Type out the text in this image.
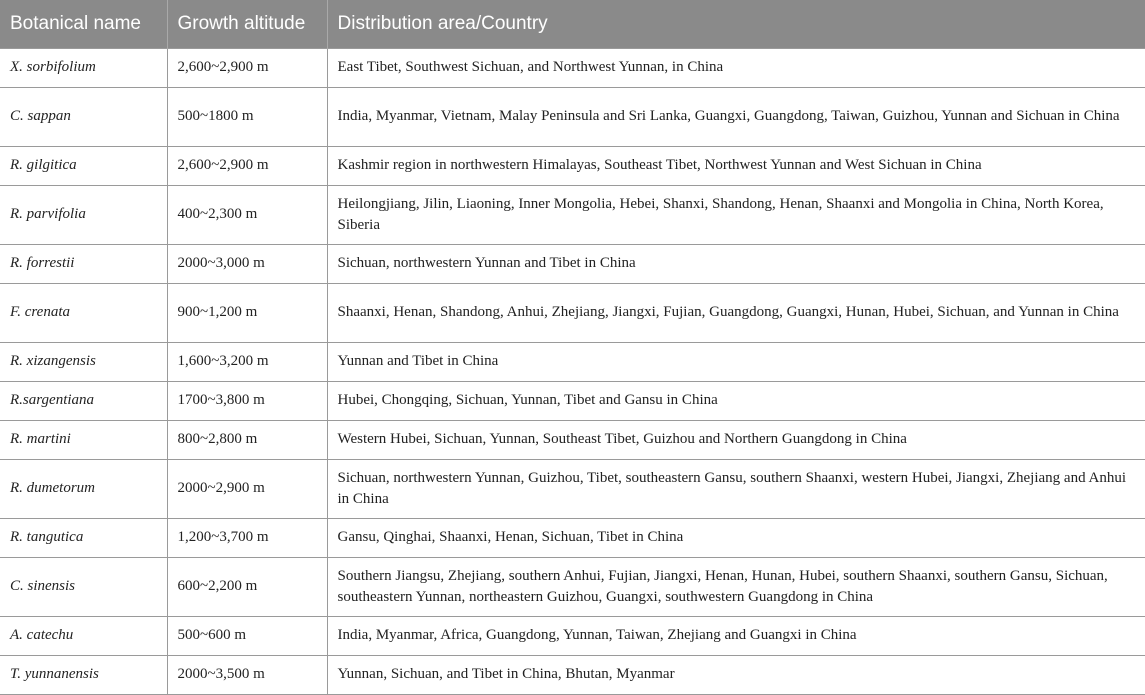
Botanical name	Growth altitude	Distribution area/Country
X. sorbifolium	2,600~2,900 m	East Tibet, Southwest Sichuan, and Northwest Yunnan, in China
C. sappan	500~1800 m	India, Myanmar, Vietnam, Malay Peninsula and Sri Lanka, Guangxi, Guangdong, Taiwan, Guizhou, Yunnan and Sichuan in China
R. gilgitica	2,600~2,900 m	Kashmir region in northwestern Himalayas, Southeast Tibet, Northwest Yunnan and West Sichuan in China
R. parvifolia	400~2,300 m	Heilongjiang, Jilin, Liaoning, Inner Mongolia, Hebei, Shanxi, Shandong, Henan, Shaanxi and Mongolia in China, North Korea, Siberia
R. forrestii	2000~3,000 m	Sichuan, northwestern Yunnan and Tibet in China
F. crenata	900~1,200 m	Shaanxi, Henan, Shandong, Anhui, Zhejiang, Jiangxi, Fujian, Guangdong, Guangxi, Hunan, Hubei, Sichuan, and Yunnan in China
R. xizangensis	1,600~3,200 m	Yunnan and Tibet in China
R.sargentiana	1700~3,800 m	Hubei, Chongqing, Sichuan, Yunnan, Tibet and Gansu in China
R. martini	800~2,800 m	Western Hubei, Sichuan, Yunnan, Southeast Tibet, Guizhou and Northern Guangdong in China
R. dumetorum	2000~2,900 m	Sichuan, northwestern Yunnan, Guizhou, Tibet, southeastern Gansu, southern Shaanxi, western Hubei, Jiangxi, Zhejiang and Anhui in China
R. tangutica	1,200~3,700 m	Gansu, Qinghai, Shaanxi, Henan, Sichuan, Tibet in China
C. sinensis	600~2,200 m	Southern Jiangsu, Zhejiang, southern Anhui, Fujian, Jiangxi, Henan, Hunan, Hubei, southern Shaanxi, southern Gansu, Sichuan, southeastern Yunnan, northeastern Guizhou, Guangxi, southwestern Guangdong in China
A. catechu	500~600 m	India, Myanmar, Africa, Guangdong, Yunnan, Taiwan, Zhejiang and Guangxi in China
T. yunnanensis	2000~3,500 m	Yunnan, Sichuan, and Tibet in China, Bhutan, Myanmar
